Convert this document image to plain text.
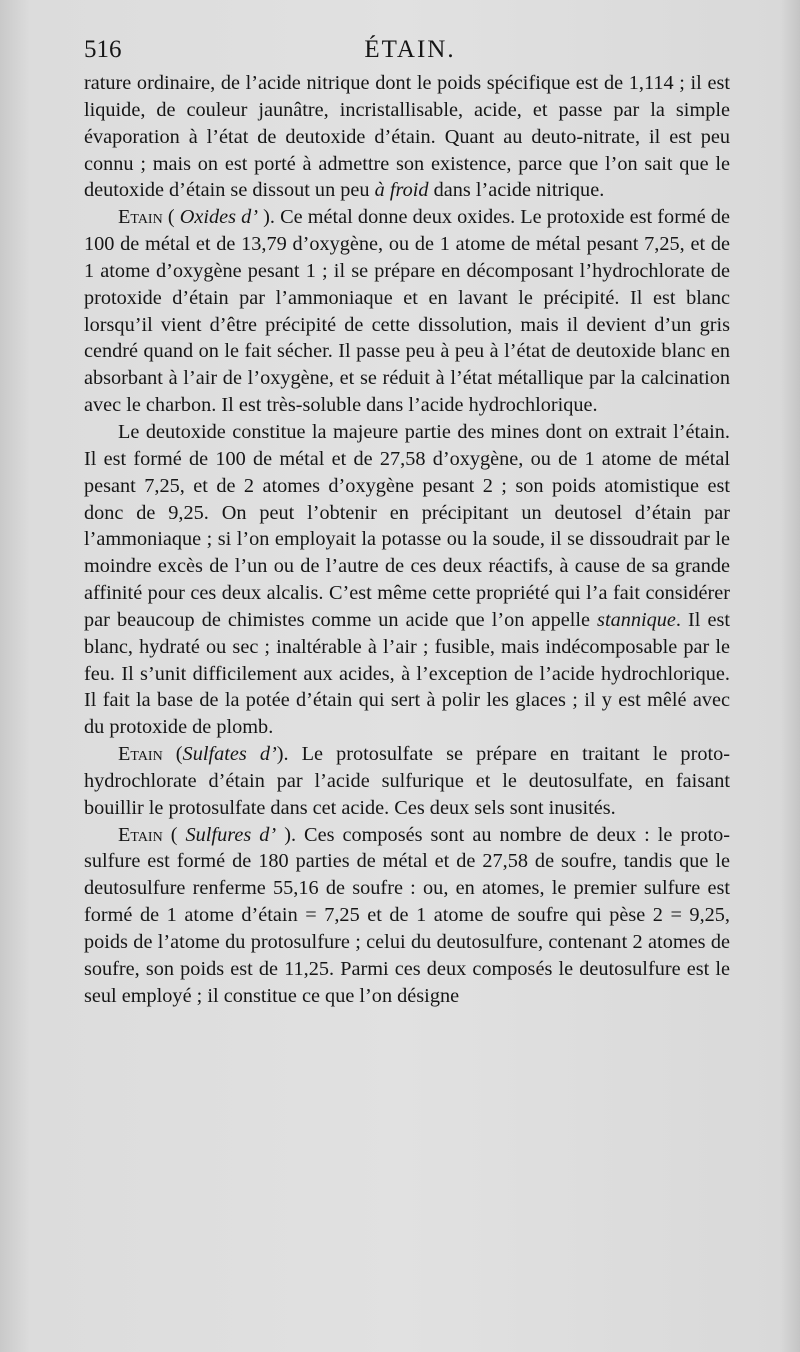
516	ÉTAIN.

rature ordinaire, de l’acide nitrique dont le poids spécifique est de 1,114 ; il est liquide, de couleur jaunâtre, incristallisable, acide, et passe par la simple évaporation à l’état de deutoxide d’étain. Quant au deuto-nitrate, il est peu connu ; mais on est porté à admettre son existence, parce que l’on sait que le deutoxide d’étain se dissout un peu à froid dans l’acide nitrique.

Etain ( Oxides d’ ). Ce métal donne deux oxides. Le protoxide est formé de 100 de métal et de 13,79 d’oxygène, ou de 1 atome de métal pesant 7,25, et de 1 atome d’oxygène pesant 1 ; il se prépare en décomposant l’hydrochlorate de protoxide d’étain par l’ammoniaque et en lavant le précipité. Il est blanc lorsqu’il vient d’être précipité de cette dissolution, mais il devient d’un gris cendré quand on le fait sécher. Il passe peu à peu à l’état de deutoxide blanc en absorbant à l’air de l’oxygène, et se réduit à l’état métallique par la calcination avec le charbon. Il est très-soluble dans l’acide hydrochlorique.

Le deutoxide constitue la majeure partie des mines dont on extrait l’étain. Il est formé de 100 de métal et de 27,58 d’oxygène, ou de 1 atome de métal pesant 7,25, et de 2 atomes d’oxygène pesant 2 ; son poids atomistique est donc de 9,25. On peut l’obtenir en précipitant un deutosel d’étain par l’ammoniaque ; si l’on employait la potasse ou la soude, il se dissoudrait par le moindre excès de l’un ou de l’autre de ces deux réactifs, à cause de sa grande affinité pour ces deux alcalis. C’est même cette propriété qui l’a fait considérer par beaucoup de chimistes comme un acide que l’on appelle stannique. Il est blanc, hydraté ou sec ; inaltérable à l’air ; fusible, mais indécomposable par le feu. Il s’unit difficilement aux acides, à l’exception de l’acide hydrochlorique. Il fait la base de la potée d’étain qui sert à polir les glaces ; il y est mêlé avec du protoxide de plomb.

Etain (Sulfates d’). Le protosulfate se prépare en traitant le proto-hydrochlorate d’étain par l’acide sulfurique et le deutosulfate, en faisant bouillir le protosulfate dans cet acide. Ces deux sels sont inusités.

Etain ( Sulfures d’ ). Ces composés sont au nombre de deux : le proto-sulfure est formé de 180 parties de métal et de 27,58 de soufre, tandis que le deutosulfure renferme 55,16 de soufre : ou, en atomes, le premier sulfure est formé de 1 atome d’étain = 7,25 et de 1 atome de soufre qui pèse 2 = 9,25, poids de l’atome du protosulfure ; celui du deutosulfure, contenant 2 atomes de soufre, son poids est de 11,25. Parmi ces deux composés le deutosulfure est le seul employé ; il constitue ce que l’on désigne
